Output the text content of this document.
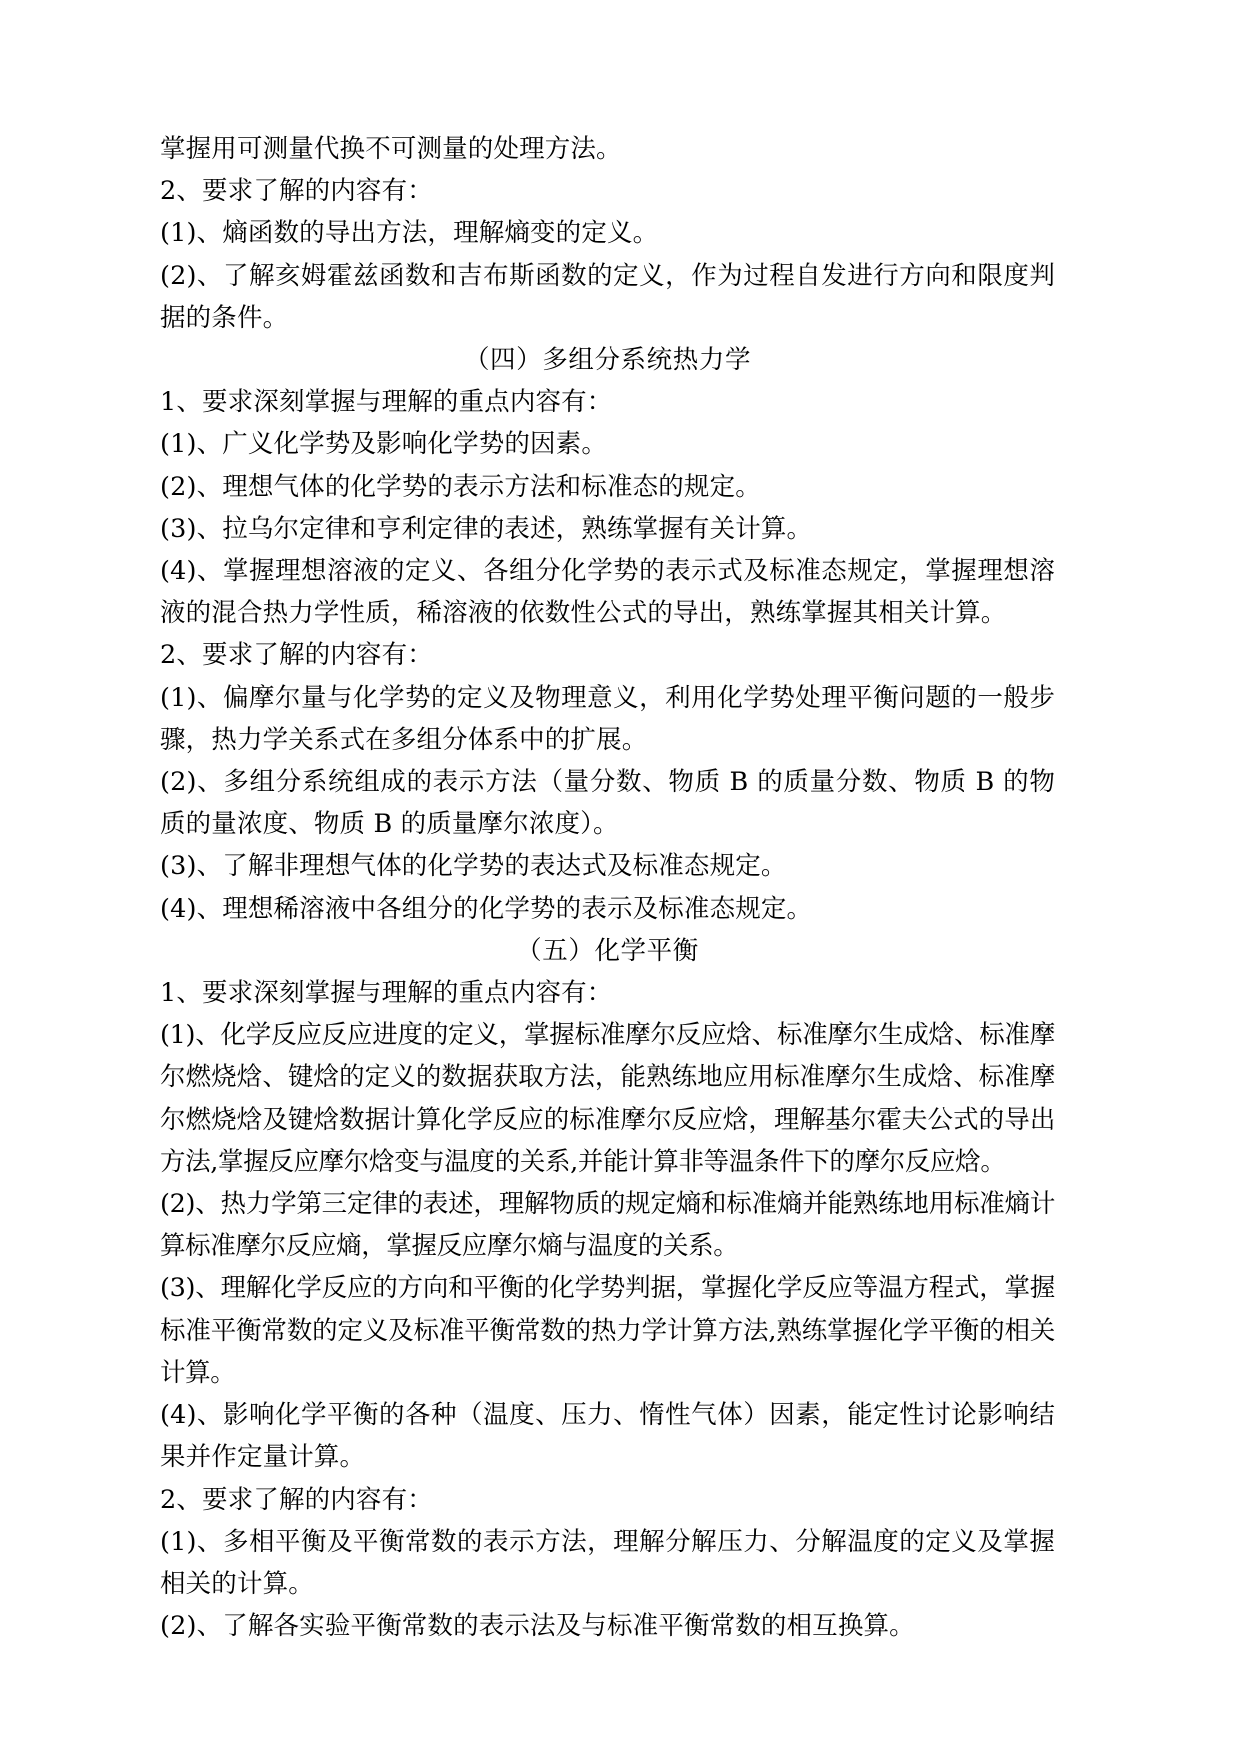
掌握用可测量代换不可测量的处理方法。

2、要求了解的内容有：

(1)、熵函数的导出方法，理解熵变的定义。

(2)、了解亥姆霍兹函数和吉布斯函数的定义，作为过程自发进行方向和限度判据的条件。

（四）多组分系统热力学

1、要求深刻掌握与理解的重点内容有：

(1)、广义化学势及影响化学势的因素。

(2)、理想气体的化学势的表示方法和标准态的规定。

(3)、拉乌尔定律和亨利定律的表述，熟练掌握有关计算。

(4)、掌握理想溶液的定义、各组分化学势的表示式及标准态规定，掌握理想溶液的混合热力学性质，稀溶液的依数性公式的导出，熟练掌握其相关计算。

2、要求了解的内容有：

(1)、偏摩尔量与化学势的定义及物理意义，利用化学势处理平衡问题的一般步骤，热力学关系式在多组分体系中的扩展。

(2)、多组分系统组成的表示方法（量分数、物质 B 的质量分数、物质 B 的物质的量浓度、物质 B 的质量摩尔浓度）。

(3)、了解非理想气体的化学势的表达式及标准态规定。

(4)、理想稀溶液中各组分的化学势的表示及标准态规定。

（五）化学平衡

1、要求深刻掌握与理解的重点内容有：

(1)、化学反应反应进度的定义，掌握标准摩尔反应焓、标准摩尔生成焓、标准摩尔燃烧焓、键焓的定义的数据获取方法，能熟练地应用标准摩尔生成焓、标准摩尔燃烧焓及键焓数据计算化学反应的标准摩尔反应焓，理解基尔霍夫公式的导出方法,掌握反应摩尔焓变与温度的关系,并能计算非等温条件下的摩尔反应焓。

(2)、热力学第三定律的表述，理解物质的规定熵和标准熵并能熟练地用标准熵计算标准摩尔反应熵，掌握反应摩尔熵与温度的关系。

(3)、理解化学反应的方向和平衡的化学势判据，掌握化学反应等温方程式，掌握标准平衡常数的定义及标准平衡常数的热力学计算方法,熟练掌握化学平衡的相关计算。

(4)、影响化学平衡的各种（温度、压力、惰性气体）因素，能定性讨论影响结果并作定量计算。

2、要求了解的内容有：

(1)、多相平衡及平衡常数的表示方法，理解分解压力、分解温度的定义及掌握相关的计算。

(2)、了解各实验平衡常数的表示法及与标准平衡常数的相互换算。
